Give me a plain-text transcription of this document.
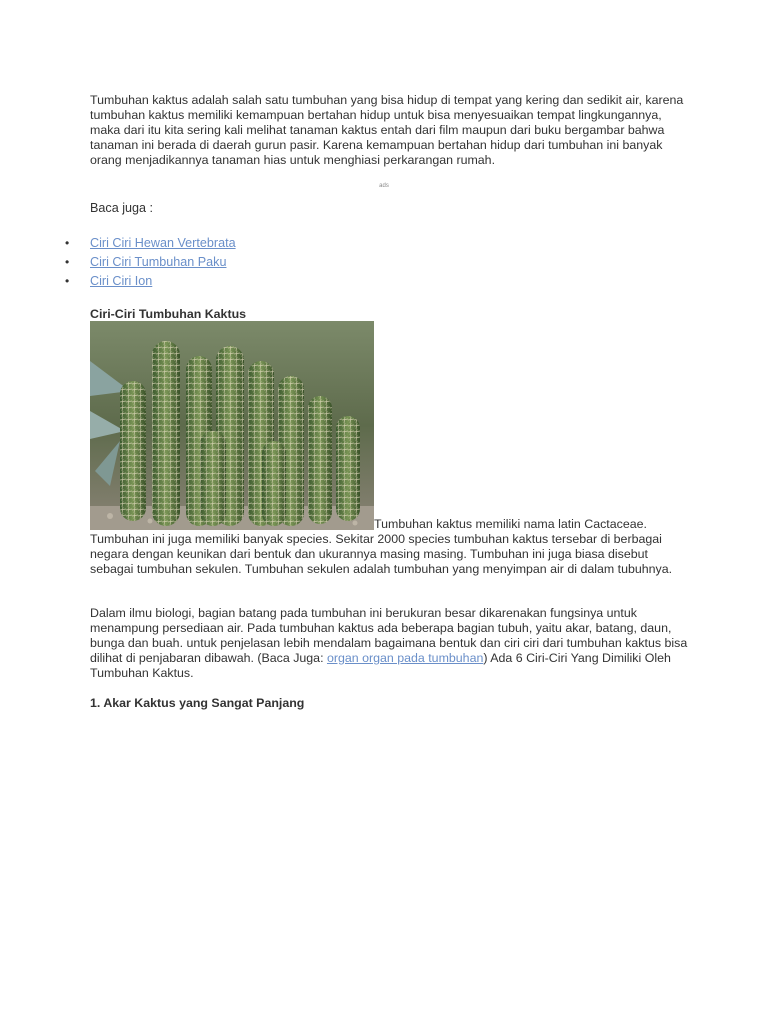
Tumbuhan kaktus adalah salah satu tumbuhan yang bisa hidup di tempat yang kering dan sedikit air, karena tumbuhan kaktus memiliki kemampuan bertahan hidup untuk bisa menyesuaikan tempat lingkungannya, maka dari itu kita sering kali melihat tanaman kaktus entah dari film maupun dari buku bergambar bahwa tanaman ini berada di daerah gurun pasir. Karena kemampuan bertahan hidup dari tumbuhan ini banyak orang menjadikannya tanaman hias untuk menghiasi perkarangan rumah.

ads
Baca juga :
• Ciri Ciri Hewan Vertebrata
• Ciri Ciri Tumbuhan Paku
• Ciri Ciri Ion
Ciri-Ciri Tumbuhan Kaktus

Tumbuhan kaktus memiliki nama latin Cactaceae.

Tumbuhan ini juga memiliki banyak species. Sekitar 2000 species tumbuhan kaktus tersebar di berbagai negara dengan keunikan dari bentuk dan ukurannya masing masing. Tumbuhan ini juga biasa disebut sebagai tumbuhan sekulen. Tumbuhan sekulen adalah tumbuhan yang menyimpan air di dalam tubuhnya.

Dalam ilmu biologi, bagian batang pada tumbuhan ini berukuran besar dikarenakan fungsinya untuk menampung persediaan air. Pada tumbuhan kaktus ada beberapa bagian tubuh, yaitu akar, batang, daun, bunga dan buah. untuk penjelasan lebih mendalam bagaimana bentuk dan ciri ciri dari tumbuhan kaktus bisa dilihat di penjabaran dibawah. (Baca Juga: organ organ pada tumbuhan) Ada 6 Ciri-Ciri Yang Dimiliki Oleh Tumbuhan Kaktus.

1. Akar Kaktus yang Sangat Panjang
